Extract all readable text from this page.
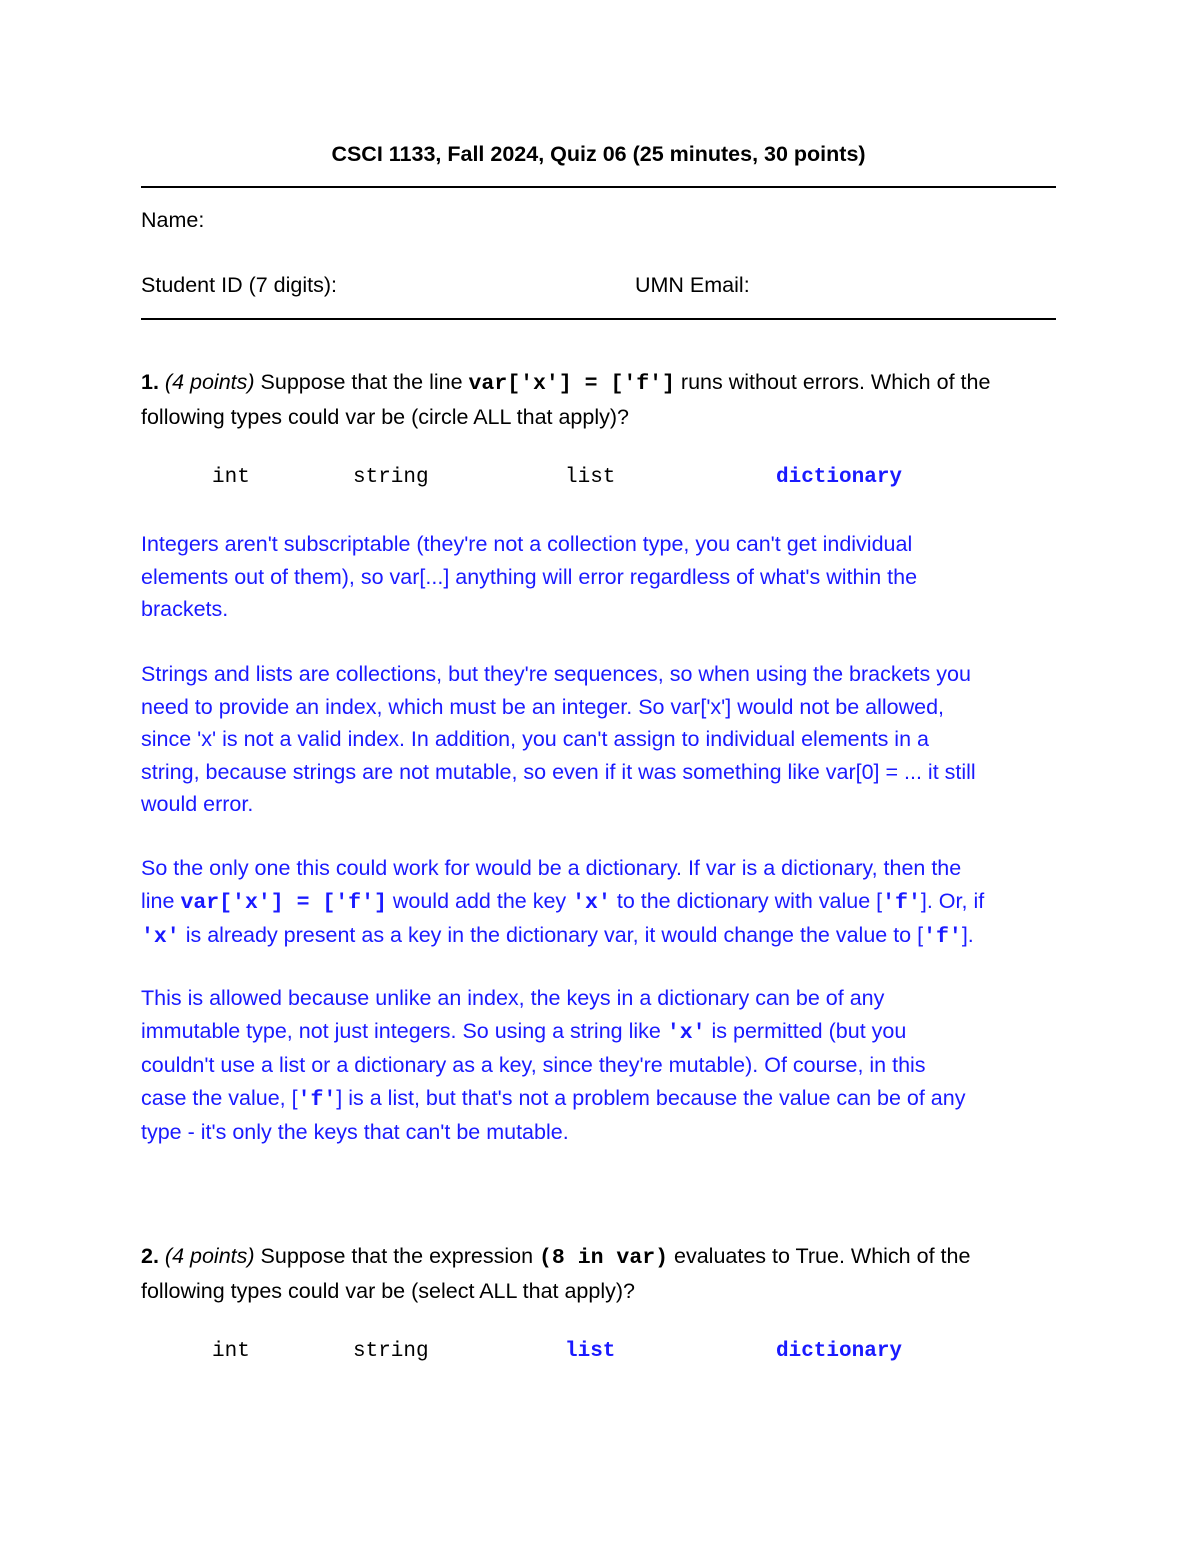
CSCI 1133, Fall 2024, Quiz 06 (25 minutes, 30 points)
Name:
Student ID (7 digits):	UMN Email:

1. (4 points) Suppose that the line var['x'] = ['f'] runs without errors. Which of the

following types could var be (circle ALL that apply)?

int	string	list	dictionary

Integers aren't subscriptable (they're not a collection type, you can't get individual

elements out of them), so var[...] anything will error regardless of what's within the

brackets.

Strings and lists are collections, but they're sequences, so when using the brackets you

need to provide an index, which must be an integer. So var['x'] would not be allowed,

since 'x' is not a valid index. In addition, you can't assign to individual elements in a

string, because strings are not mutable, so even if it was something like var[0] = ... it still

would error.

So the only one this could work for would be a dictionary. If var is a dictionary, then the

line var['x'] = ['f'] would add the key 'x' to the dictionary with value ['f']. Or, if

'x' is already present as a key in the dictionary var, it would change the value to ['f'].

This is allowed because unlike an index, the keys in a dictionary can be of any

immutable type, not just integers. So using a string like 'x' is permitted (but you

couldn't use a list or a dictionary as a key, since they're mutable). Of course, in this

case the value, ['f'] is a list, but that's not a problem because the value can be of any

type - it's only the keys that can't be mutable.

2. (4 points) Suppose that the expression (8 in var) evaluates to True. Which of the

following types could var be (select ALL that apply)?

int	string	list	dictionary
